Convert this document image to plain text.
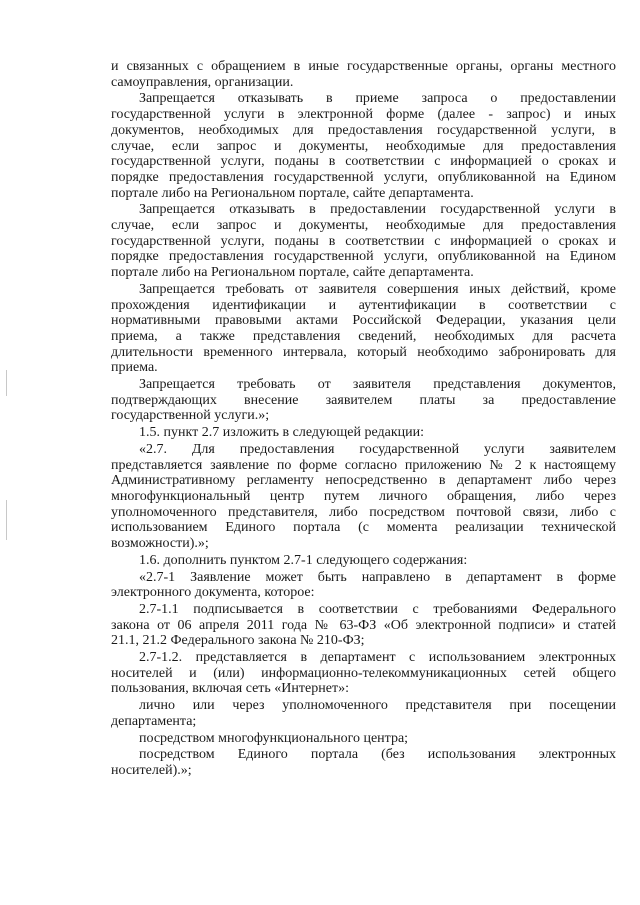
и связанных с обращением в иные государственные органы, органы местного

самоуправления, организации.

Запрещается отказывать в приеме запроса о предоставлении

государственной услуги в электронной форме (далее - запрос) и иных

документов, необходимых для предоставления государственной услуги, в

случае, если запрос и документы, необходимые для предоставления

государственной услуги, поданы в соответствии с информацией о сроках и

порядке предоставления государственной услуги, опубликованной на Едином

портале либо на Региональном портале, сайте департамента.

Запрещается отказывать в предоставлении государственной услуги в

случае, если запрос и документы, необходимые для предоставления

государственной услуги, поданы в соответствии с информацией о сроках и

порядке предоставления государственной услуги, опубликованной на Едином

портале либо на Региональном портале, сайте департамента.

Запрещается требовать от заявителя совершения иных действий, кроме

прохождения идентификации и аутентификации в соответствии с

нормативными правовыми актами Российской Федерации, указания цели

приема, а также представления сведений, необходимых для расчета

длительности временного интервала, который необходимо забронировать для

приема.

Запрещается требовать от заявителя представления документов,

подтверждающих внесение заявителем платы за предоставление

государственной услуги.»;

1.5. пункт 2.7 изложить в следующей редакции:

«2.7. Для предоставления государственной услуги заявителем

представляется заявление по форме согласно приложению № 2 к настоящему

Административному регламенту непосредственно в департамент либо через

многофункциональный центр путем личного обращения, либо через

уполномоченного представителя, либо посредством почтовой связи, либо с

использованием Единого портала (с момента реализации технической

возможности).»;

1.6. дополнить пунктом 2.7-1 следующего содержания:

«2.7-1 Заявление может быть направлено в департамент в форме

электронного документа, которое:

2.7-1.1 подписывается в соответствии с требованиями Федерального

закона от 06 апреля 2011 года № 63-ФЗ «Об электронной подписи» и статей

21.1, 21.2 Федерального закона № 210-ФЗ;

2.7-1.2. представляется в департамент с использованием электронных

носителей и (или) информационно-телекоммуникационных сетей общего

пользования, включая сеть «Интернет»:

лично или через уполномоченного представителя при посещении

департамента;

посредством многофункционального центра;

посредством Единого портала (без использования электронных

носителей).»;
